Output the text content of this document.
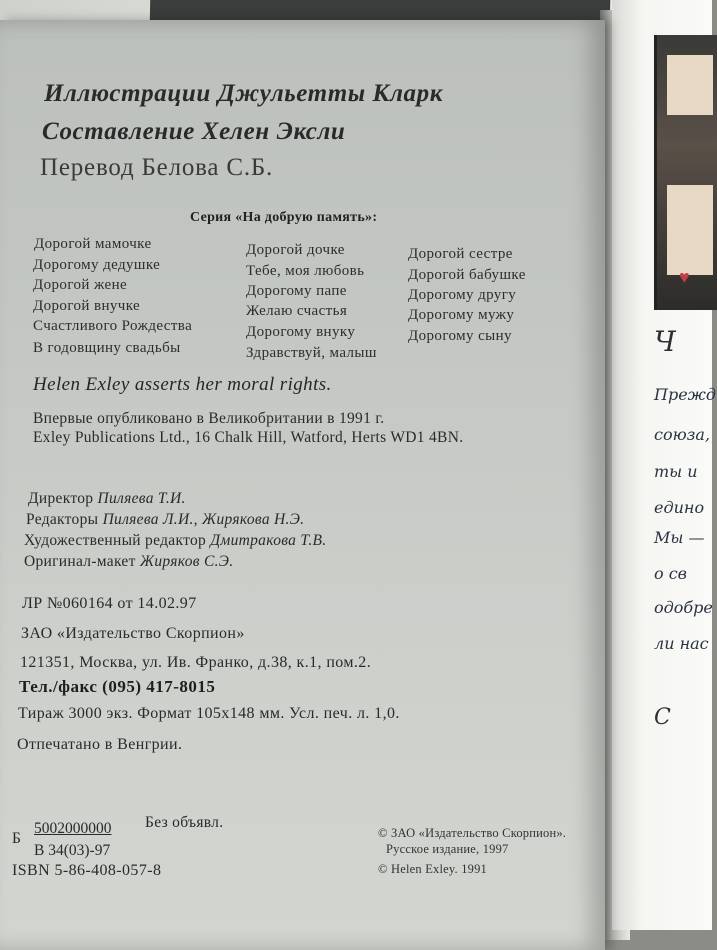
♥
Ч
Прежд
союза,
ты и
едино
Мы —
о св
одобре
ли нас
С
Иллюстрации Джульетты Кларк
Составление Хелен Эксли
Перевод Белова С.Б.
Серия «На добрую память»:
Дорогой мамочке
Дорогому дедушке
Дорогой жене
Дорогой внучке
Счастливого Рождества
В годовщину свадьбы
Дорогой дочке
Тебе, моя любовь
Дорогому папе
Желаю счастья
Дорогому внуку
Здравствуй, малыш
Дорогой сестре
Дорогой бабушке
Дорогому другу
Дорогому мужу
Дорогому сыну
Helen Exley asserts her moral rights.
Впервые опубликовано в Великобритании в 1991 г.
Exley Publications Ltd., 16 Chalk Hill, Watford, Herts WD1 4BN.
Директор Пиляева Т.И.
Редакторы Пиляева Л.И., Жирякова Н.Э.
Художественный редактор Дмитракова Т.В.
Оригинал-макет Жиряков С.Э.
ЛР №060164 от 14.02.97
ЗАО «Издательство Скорпион»
121351, Москва, ул. Ив. Франко, д.38, к.1, пом.2.
Тел./факс (095) 417-8015
Тираж 3000 экз. Формат 105х148 мм. Усл. печ. л. 1,0.
Отпечатано в Венгрии.
Б
5002000000
В 34(03)-97
Без объявл.
ISBN 5-86-408-057-8
© ЗАО «Издательство Скорпион».
Русское издание, 1997
© Helen Exley. 1991
